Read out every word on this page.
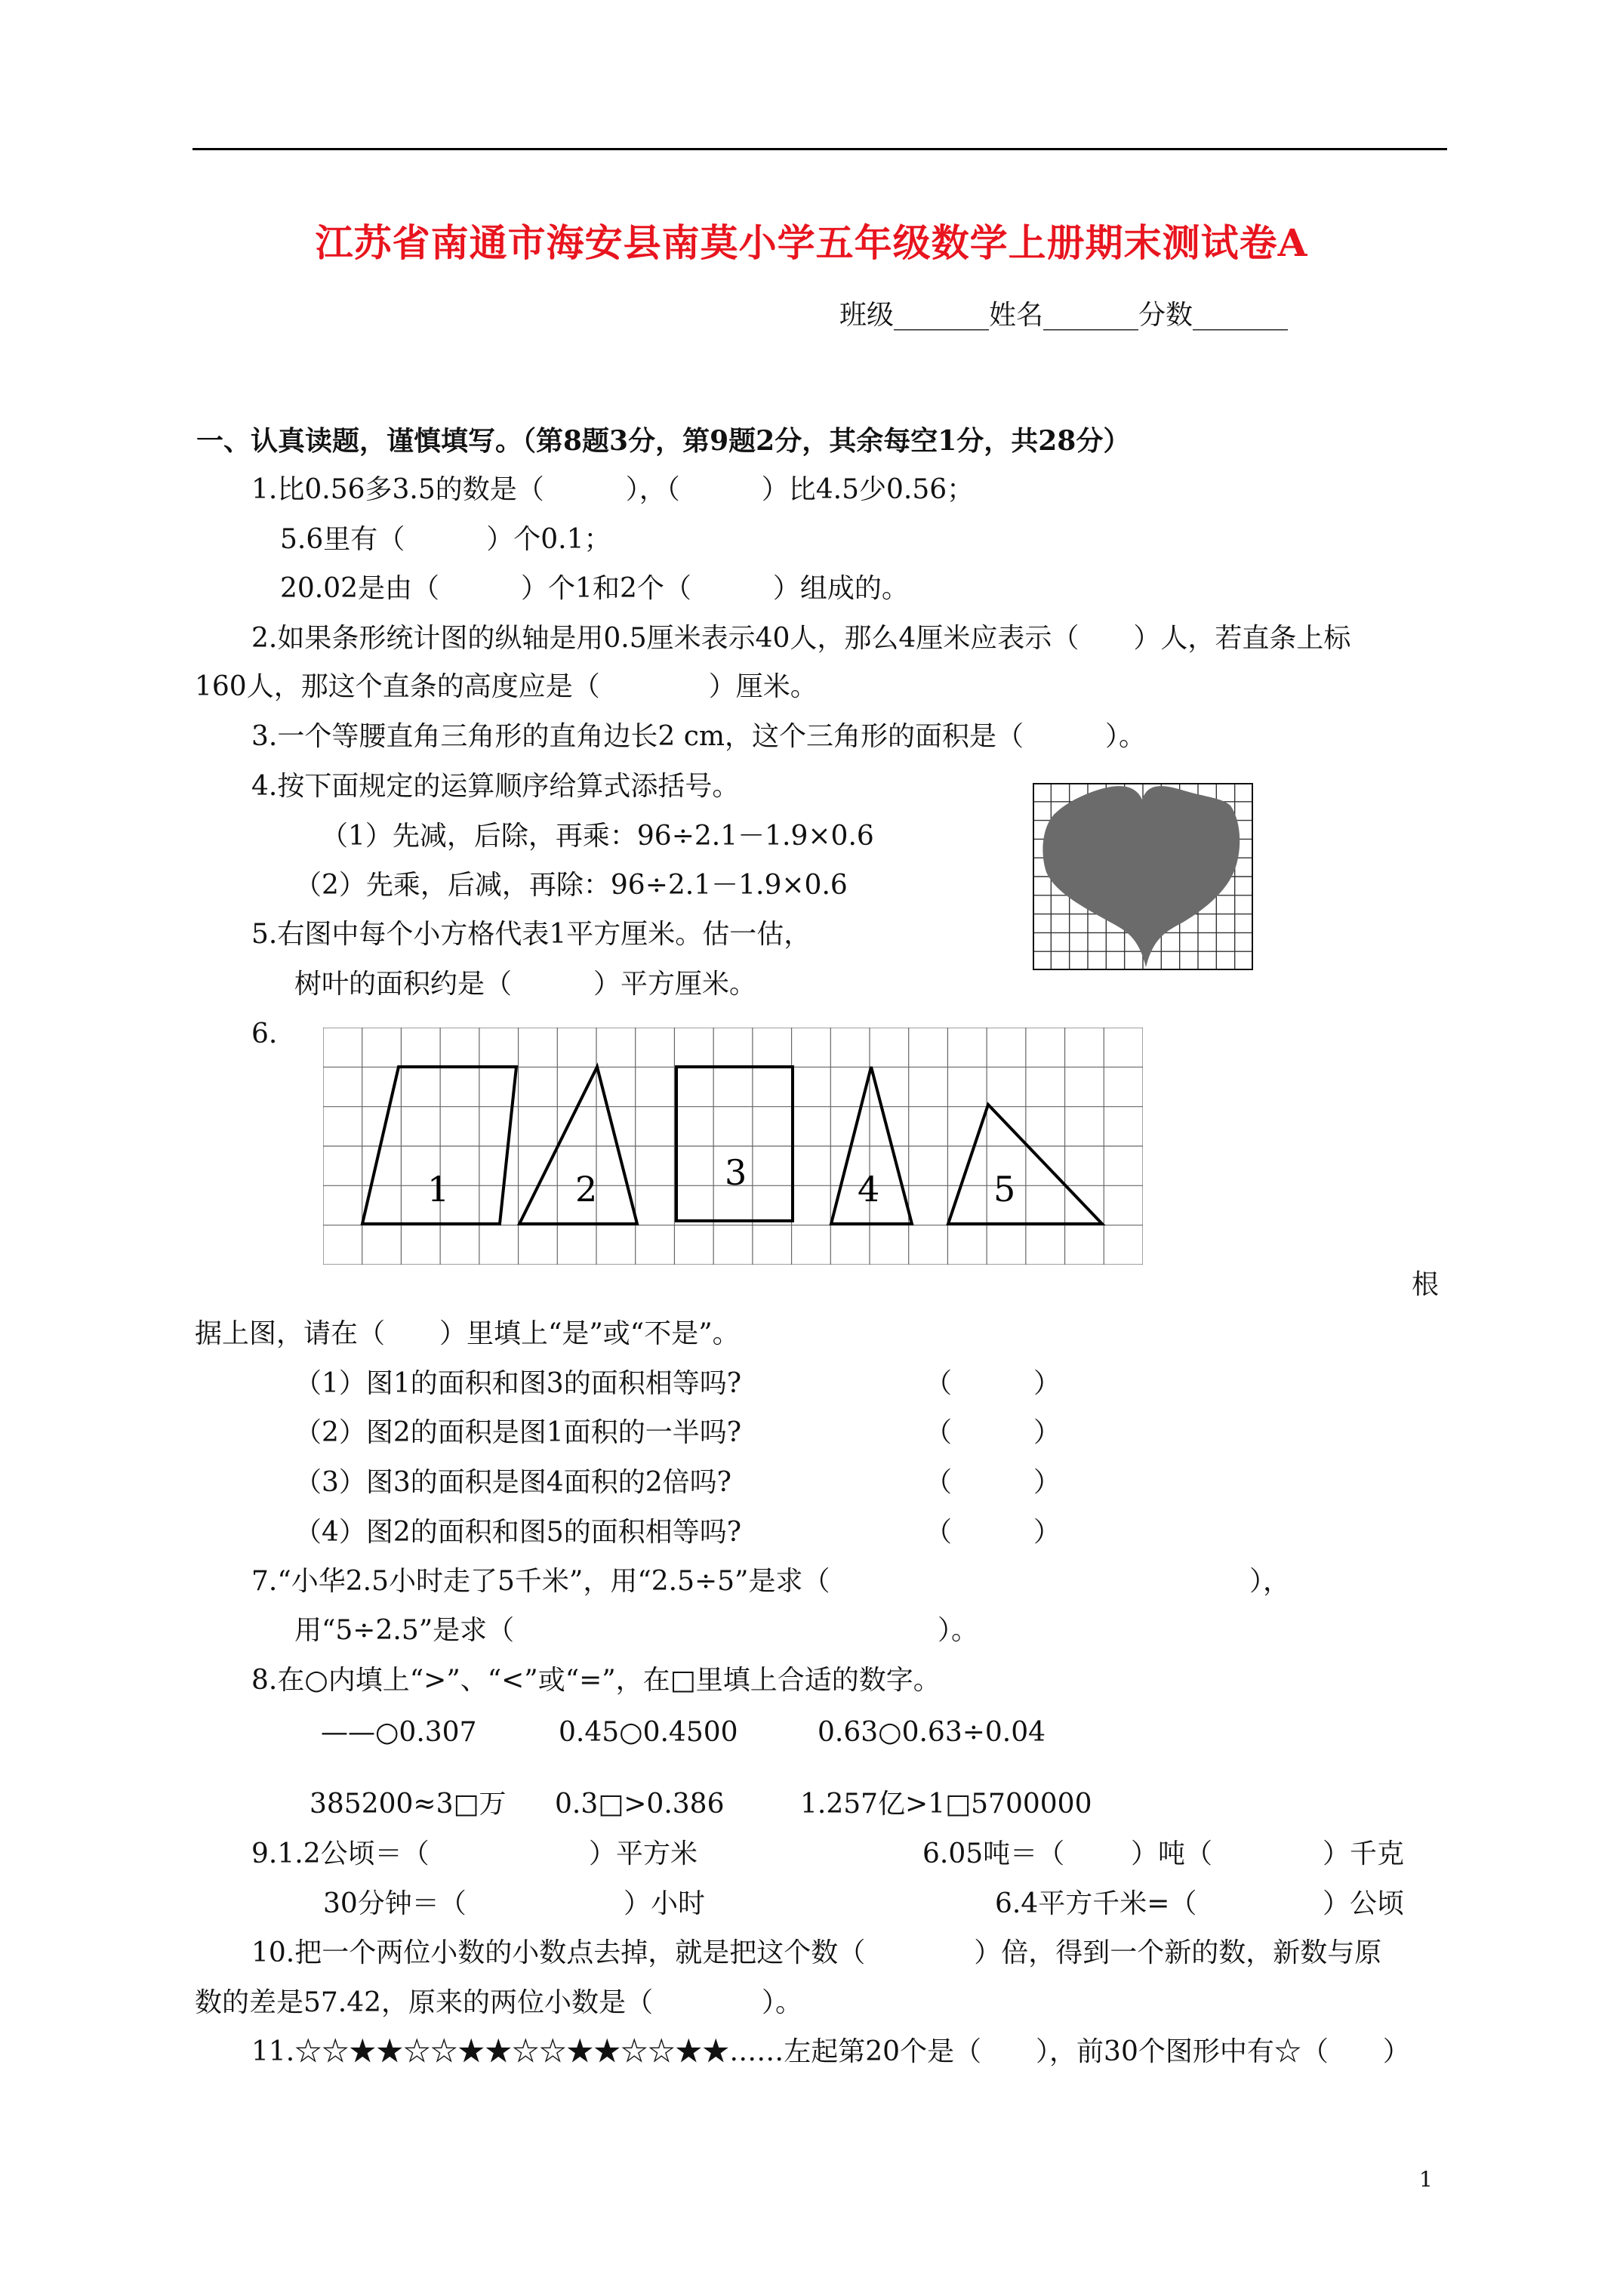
江苏省南通市海安县南莫小学五年级数学上册期末测试卷A
班级_______姓名_______分数_______
一、认真读题，谨慎填写。（第8题3分，第9题2分，其余每空1分，共28分）
1.比0.56多3.5的数是（　　　），（　　　）比4.5少0.56；
5.6里有（　　　）个0.1；
20.02是由（　　　）个1和2个（　　　）组成的。
2.如果条形统计图的纵轴是用0.5厘米表示40人，那么4厘米应表示（　　）人，若直条上标
160人，那这个直条的高度应是（　　　　）厘米。
3.一个等腰直角三角形的直角边长2 cm，这个三角形的面积是（　　　）。
4.按下面规定的运算顺序给算式添括号。
（1）先减，后除，再乘：96÷2.1－1.9×0.6
（2）先乘，后减，再除：96÷2.1－1.9×0.6
5.右图中每个小方格代表1平方厘米。估一估，
树叶的面积约是（　　　）平方厘米。
6.
1	2	3	4	5
根
据上图，请在（　　）里填上“是”或“不是”。
（1）图1的面积和图3的面积相等吗?	（　　　）
（2）图2的面积是图1面积的一半吗?	（　　　）
（3）图3的面积是图4面积的2倍吗?	（　　　）
（4）图2的面积和图5的面积相等吗?	（　　　）
7.“小华2.5小时走了5千米”，用“2.5÷5”是求（	），
用“5÷2.5”是求（	）。
8.在○内填上“>”、“<”或“=”，在□里填上合适的数字。
——○0.307	0.45○0.4500	0.63○0.63÷0.04
385200≈3□万 0.3□>0.386	1.257亿>1□5700000
9.1.2公顷＝（	）平方米	6.05吨＝（ ）吨（	）千克
30分钟＝（	）小时	6.4平方千米=（	）公顷
10.把一个两位小数的小数点去掉，就是把这个数（　　　　）倍，得到一个新的数，新数与原
数的差是57.42，原来的两位小数是（　　　　）。
11.☆☆★★☆☆★★☆☆★★☆☆★★……左起第20个是（　　），前30个图形中有☆（　　）
1
